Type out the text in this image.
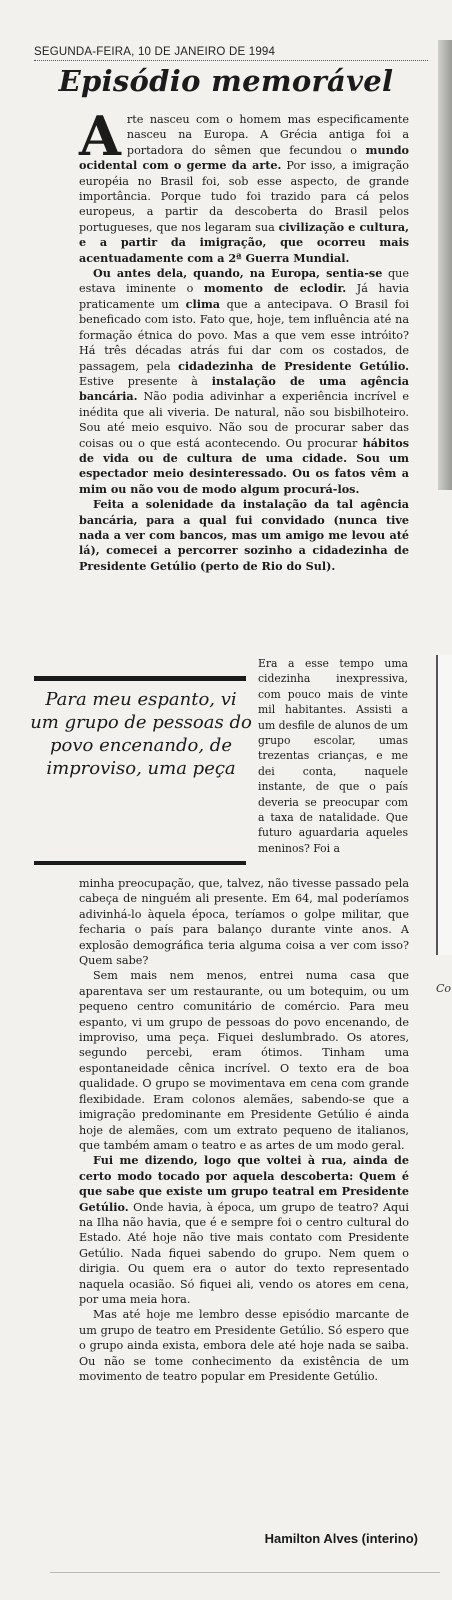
Co
SEGUNDA-FEIRA, 10 DE JANEIRO DE 1994
Episódio memorável

Arte nasceu com o homem mas especificamente nasceu na Europa. A Grécia antiga foi a portadora do sêmen que fecundou o mundo ocidental com o germe da arte. Por isso, a imigração européia no Brasil foi, sob esse aspecto, de grande importância. Porque tudo foi trazido para cá pelos europeus, a partir da descoberta do Brasil pelos portugueses, que nos legaram sua civilização e cultura, e a partir da imigração, que ocorreu mais acentuadamente com a 2ª Guerra Mundial.

Ou antes dela, quando, na Europa, sentia-se que estava iminente o momento de eclodir. Já havia praticamente um clima que a antecipava. O Brasil foi beneficado com isto. Fato que, hoje, tem influência até na formação étnica do povo. Mas a que vem esse intróito? Há três décadas atrás fui dar com os costados, de passagem, pela cidadezinha de Presidente Getúlio. Estive presente à instalação de uma agência bancária. Não podia adivinhar a experiência incrível e inédita que ali viveria. De natural, não sou bisbilhoteiro. Sou até meio esquivo. Não sou de procurar saber das coisas ou o que está acontecendo. Ou procurar hábitos de vida ou de cultura de uma cidade. Sou um espectador meio desinteressado. Ou os fatos vêm a mim ou não vou de modo algum procurá-los.

Feita a solenidade da instalação da tal agência bancária, para a qual fui convidado (nunca tive nada a ver com bancos, mas um amigo me levou até lá), comecei a percorrer sozinho a cidadezinha de Presidente Getúlio (perto de Rio do Sul).

Para meu espanto, vi um grupo de pessoas do povo encenando, de improviso, uma peça

Era a esse tempo uma cidezinha inexpressiva, com pouco mais de vinte mil habitantes. Assisti a um desfile de alunos de um grupo escolar, umas trezentas crianças, e me dei conta, naquele instante, de que o país deveria se preocupar com a taxa de natalidade. Que futuro aguardaria aqueles meninos? Foi a

minha preocupação, que, talvez, não tivesse passado pela cabeça de ninguém ali presente. Em 64, mal poderíamos adivinhá-lo àquela época, teríamos o golpe militar, que fecharia o país para balanço durante vinte anos. A explosão demográfica teria alguma coisa a ver com isso? Quem sabe?

Sem mais nem menos, entrei numa casa que aparentava ser um restaurante, ou um botequim, ou um pequeno centro comunitário de comércio. Para meu espanto, vi um grupo de pessoas do povo encenando, de improviso, uma peça. Fiquei deslumbrado. Os atores, segundo percebi, eram ótimos. Tinham uma espontaneidade cênica incrível. O texto era de boa qualidade. O grupo se movimentava em cena com grande flexibidade. Eram colonos alemães, sabendo-se que a imigração predominante em Presidente Getúlio é ainda hoje de alemães, com um extrato pequeno de italianos, que também amam o teatro e as artes de um modo geral.

Fui me dizendo, logo que voltei à rua, ainda de certo modo tocado por aquela descoberta: Quem é que sabe que existe um grupo teatral em Presidente Getúlio. Onde havia, à época, um grupo de teatro? Aqui na Ilha não havia, que é e sempre foi o centro cultural do Estado. Até hoje não tive mais contato com Presidente Getúlio. Nada fiquei sabendo do grupo. Nem quem o dirigia. Ou quem era o autor do texto representado naquela ocasião. Só fiquei ali, vendo os atores em cena, por uma meia hora.

Mas até hoje me lembro desse episódio marcante de um grupo de teatro em Presidente Getúlio. Só espero que o grupo ainda exista, embora dele até hoje nada se saiba. Ou não se tome conhecimento da existência de um movimento de teatro popular em Presidente Getúlio.

Hamilton Alves (interino)
